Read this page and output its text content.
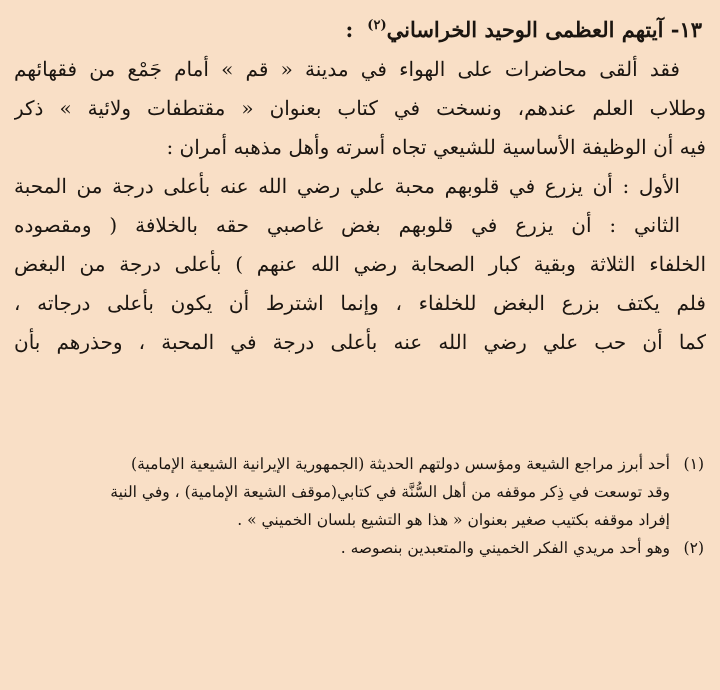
١٣- آيتهم العظمى الوحيد الخراساني$^{(٢)}$:
فقد ألقى محاضرات على الهواء في مدينة « قم » أمام جَمْع من فقهائهم
وطلاب العلم عندهم، ونسخت في كتاب بعنوان « مقتطفات ولائية » ذكر
فيه أن الوظيفة الأساسية للشيعي تجاه أسرته وأهل مذهبه أمران :
الأول : أن يزرع في قلوبهم محبة علي رضي الله عنه بأعلى درجة من المحبة
الثاني : أن يزرع في قلوبهم بغض غاصبي حقه بالخلافة ( ومقصوده
الخلفاء الثلاثة وبقية كبار الصحابة رضي الله عنهم ) بأعلى درجة من البغض
فلم يكتف بزرع البغض للخلفاء ، وإنما اشترط أن يكون بأعلى درجاته ،
كما أن حب علي رضي الله عنه بأعلى درجة في المحبة ، وحذرهم بأن
(١)أحد أبرز مراجع الشيعة ومؤسس دولتهم الحديثة (الجمهورية الإيرانية الشيعية الإمامية)
وقد توسعت في ذِكر موقفه من أهل السُّنَّة في كتابي(موقف الشيعة الإمامية) ، وفي النية
إفراد موقفه بكتيب صغير بعنوان « هذا هو التشيع بلسان الخميني » .
(٢)وهو أحد مريدي الفكر الخميني والمتعبدين بنصوصه .
